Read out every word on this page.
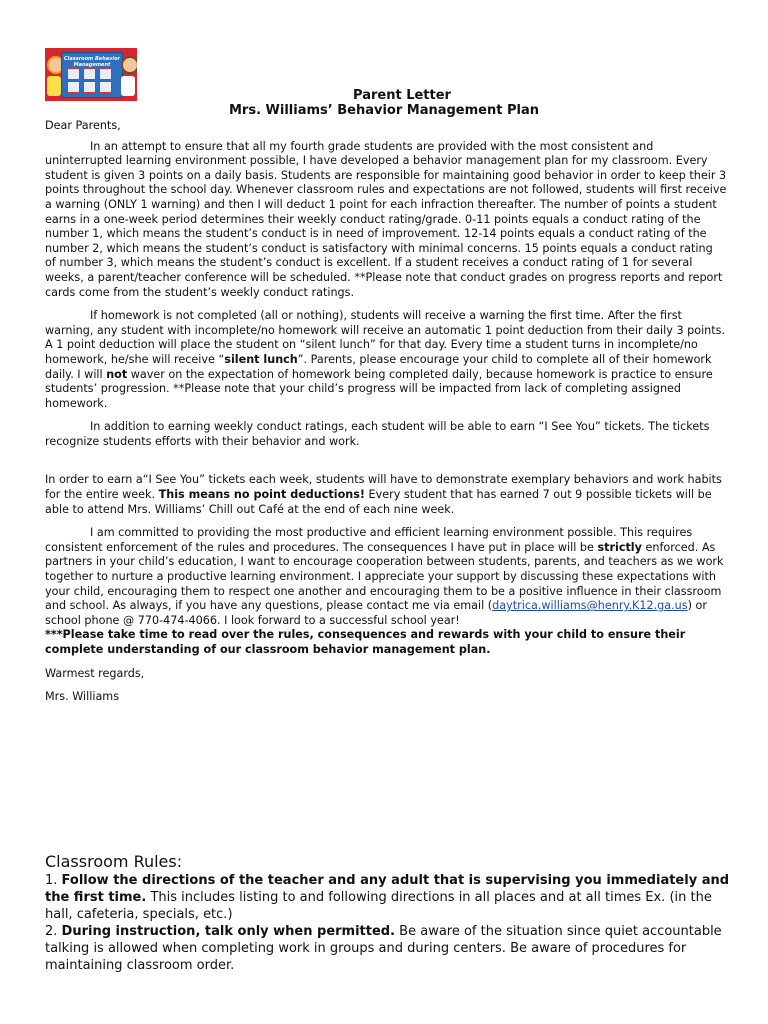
Classroom Behavior Management
Parent Letter
Mrs. Williams’ Behavior Management Plan

Dear Parents,

In an attempt to ensure that all my fourth grade students are provided with the most consistent and uninterrupted learning environment possible, I have developed a behavior management plan for my classroom. Every student is given 3 points on a daily basis. Students are responsible for maintaining good behavior in order to keep their 3 points throughout the school day. Whenever classroom rules and expectations are not followed, students will first receive a warning (ONLY 1 warning) and then I will deduct 1 point for each infraction thereafter. The number of points a student earns in a one-week period determines their weekly conduct rating/grade. 0-11 points equals a conduct rating of the number 1, which means the student’s conduct is in need of improvement. 12-14 points equals a conduct rating of the number 2, which means the student’s conduct is satisfactory with minimal concerns. 15 points equals a conduct rating of number 3, which means the student’s conduct is excellent. If a student receives a conduct rating of 1 for several weeks, a parent/teacher conference will be scheduled. **Please note that conduct grades on progress reports and report cards come from the student’s weekly conduct ratings.

If homework is not completed (all or nothing), students will receive a warning the first time. After the first warning, any student with incomplete/no homework will receive an automatic 1 point deduction from their daily 3 points. A 1 point deduction will place the student on “silent lunch” for that day. Every time a student turns in incomplete/no homework, he/she will receive “silent lunch”. Parents, please encourage your child to complete all of their homework daily. I will not waver on the expectation of homework being completed daily, because homework is practice to ensure students’ progression. **Please note that your child’s progress will be impacted from lack of completing assigned homework.

In addition to earning weekly conduct ratings, each student will be able to earn “I See You” tickets. The tickets recognize students efforts with their behavior and work.

In order to earn a“I See You” tickets each week, students will have to demonstrate exemplary behaviors and work habits for the entire week. This means no point deductions! Every student that has earned 7 out 9 possible tickets will be able to attend Mrs. Williams’ Chill out Café at the end of each nine week.

I am committed to providing the most productive and efficient learning environment possible. This requires consistent enforcement of the rules and procedures. The consequences I have put in place will be strictly enforced. As partners in your child’s education, I want to encourage cooperation between students, parents, and teachers as we work together to nurture a productive learning environment. I appreciate your support by discussing these expectations with your child, encouraging them to respect one another and encouraging them to be a positive influence in their classroom and school. As always, if you have any questions, please contact me via email (daytrica.williams@henry.K12.ga.us) or school phone @ 770-474-4066. I look forward to a successful school year!

***Please take time to read over the rules, consequences and rewards with your child to ensure their complete understanding of our classroom behavior management plan.

Warmest regards,

Mrs. Williams

Classroom Rules:

1. Follow the directions of the teacher and any adult that is supervising you immediately and the first time. This includes listing to and following directions in all places and at all times Ex. (in the hall, cafeteria, specials, etc.)

2. During instruction, talk only when permitted. Be aware of the situation since quiet accountable talking is allowed when completing work in groups and during centers. Be aware of procedures for maintaining classroom order.
